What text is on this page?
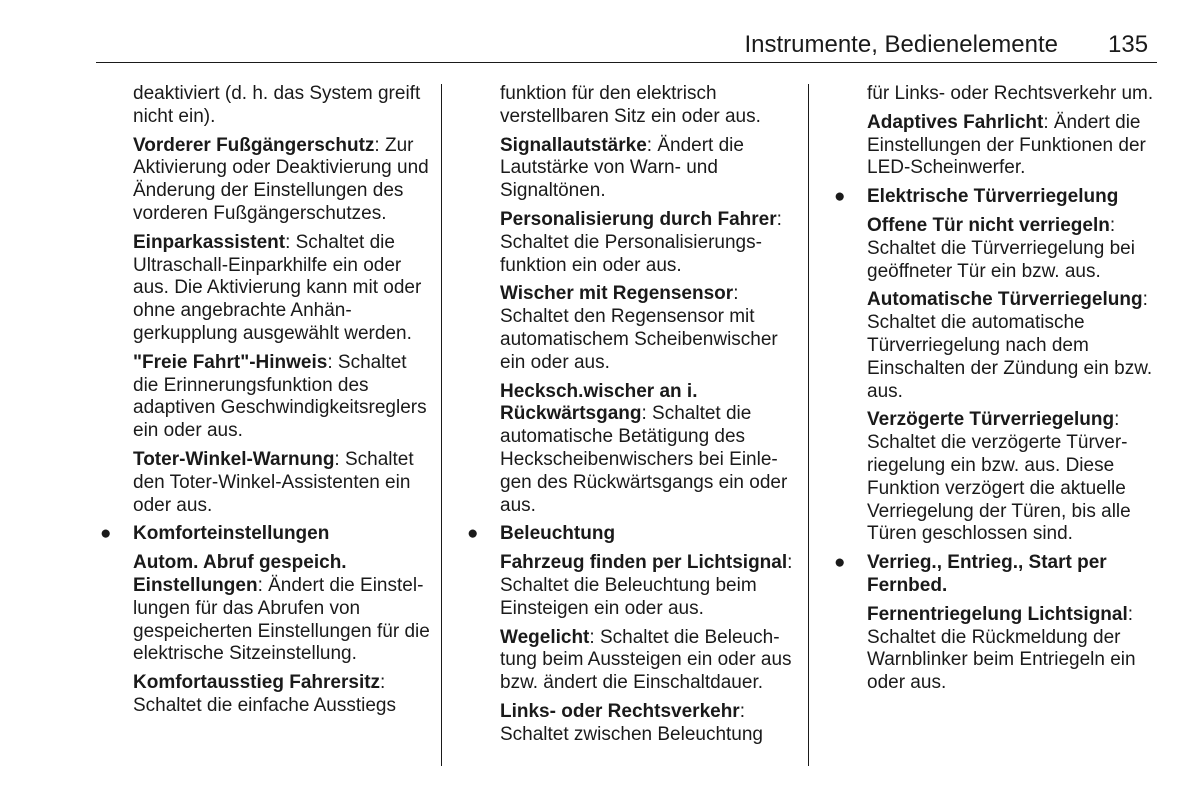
Instrumente, Bedienelemente 135

deaktiviert (d. h. das System greift nicht ein).

Vorderer Fußgängerschutz: Zur Aktivierung oder Deaktivierung und Änderung der Einstellungen des vorderen Fußgängerschutzes.

Einparkassistent: Schaltet die Ultraschall-Einparkhilfe ein oder aus. Die Aktivierung kann mit oder ohne angebrachte Anhängerkupplung ausgewählt werden.

"Freie Fahrt"-Hinweis: Schaltet die Erinnerungsfunktion des adaptiven Geschwindigkeitsreglers ein oder aus.

Toter-Winkel-Warnung: Schaltet den Toter-Winkel-Assistenten ein oder aus.

● Komforteinstellungen

Autom. Abruf gespeich. Einstellungen: Ändert die Einstellungen für das Abrufen von gespeicherten Einstellungen für die elektrische Sitzeinstellung.

Komfortausstieg Fahrersitz: Schaltet die einfache Ausstiegs

funktion für den elektrisch verstellbaren Sitz ein oder aus.

Signallautstärke: Ändert die Lautstärke von Warn- und Signaltönen.

Personalisierung durch Fahrer: Schaltet die Personalisierungsfunktion ein oder aus.

Wischer mit Regensensor: Schaltet den Regensensor mit automatischem Scheibenwischer ein oder aus.

Hecksch.wischer an i. Rückwärtsgang: Schaltet die automatische Betätigung des Heckscheibenwischers bei Einlegen des Rückwärtsgangs ein oder aus.

● Beleuchtung

Fahrzeug finden per Lichtsignal: Schaltet die Beleuchtung beim Einsteigen ein oder aus.

Wegelicht: Schaltet die Beleuchtung beim Aussteigen ein oder aus bzw. ändert die Einschaltdauer.

Links- oder Rechtsverkehr: Schaltet zwischen Beleuchtung

für Links- oder Rechtsverkehr um.

Adaptives Fahrlicht: Ändert die Einstellungen der Funktionen der LED-Scheinwerfer.

● Elektrische Türverriegelung

Offene Tür nicht verriegeln: Schaltet die Türverriegelung bei geöffneter Tür ein bzw. aus.

Automatische Türverriegelung: Schaltet die automatische Türverriegelung nach dem Einschalten der Zündung ein bzw. aus.

Verzögerte Türverriegelung: Schaltet die verzögerte Türverriegelung ein bzw. aus. Diese Funktion verzögert die aktuelle Verriegelung der Türen, bis alle Türen geschlossen sind.

● Verrieg., Entrieg., Start per Fernbed.

Fernentriegelung Lichtsignal: Schaltet die Rückmeldung der Warnblinker beim Entriegeln ein oder aus.
